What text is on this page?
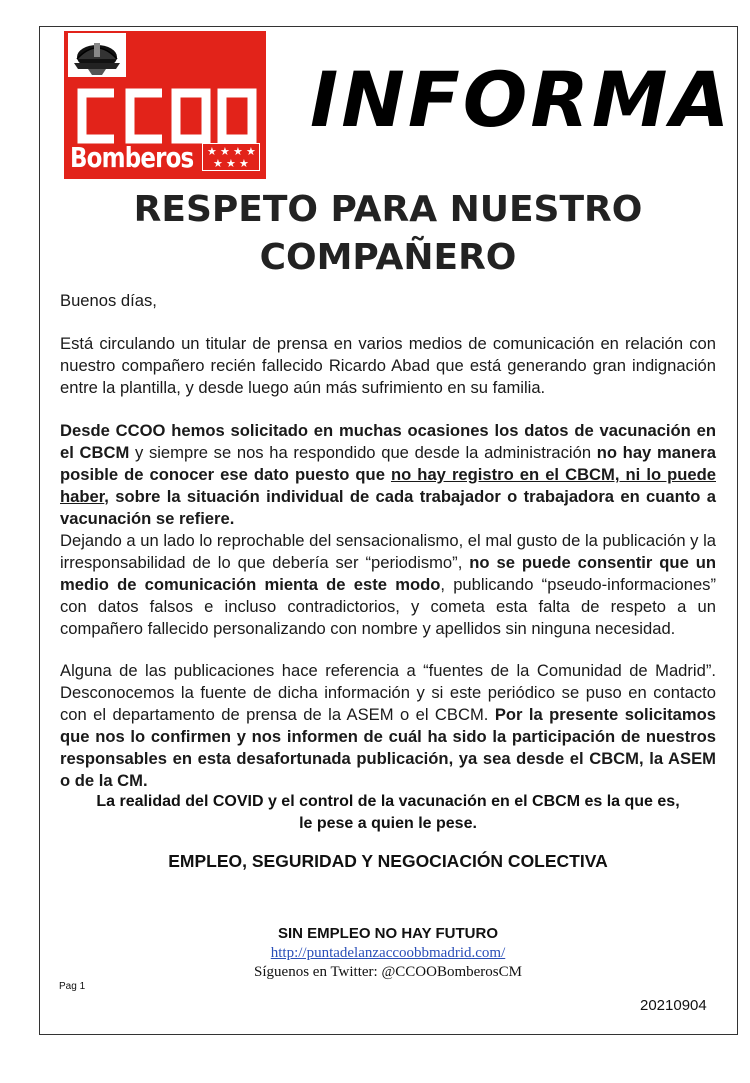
Bomberos ★ ★ ★ ★
★ ★ ★
INFORMA
RESPETO PARA NUESTRO
COMPAÑERO
Buenos días,

Está circulando un titular de prensa en varios medios de comunicación en relación con nuestro compañero recién fallecido Ricardo Abad que está generando gran indignación entre la plantilla, y desde luego aún más sufrimiento en su familia.

Desde CCOO hemos solicitado en muchas ocasiones los datos de vacunación en el CBCM y siempre se nos ha respondido que desde la administración no hay manera posible de conocer ese dato puesto que no hay registro en el CBCM, ni lo puede haber, sobre la situación individual de cada trabajador o trabajadora en cuanto a vacunación se refiere.

Dejando a un lado lo reprochable del sensacionalismo, el mal gusto de la publicación y la irresponsabilidad de lo que debería ser “periodismo”, no se puede consentir que un medio de comunicación mienta de este modo, publicando “pseudo-informaciones” con datos falsos e incluso contradictorios, y cometa esta falta de respeto a un compañero fallecido personalizando con nombre y apellidos sin ninguna necesidad.

Alguna de las publicaciones hace referencia a “fuentes de la Comunidad de Madrid”. Desconocemos la fuente de dicha información y si este periódico se puso en contacto con el departamento de prensa de la ASEM o el CBCM. Por la presente solicitamos que nos lo confirmen y nos informen de cuál ha sido la participación de nuestros responsables en esta desafortunada publicación, ya sea desde el CBCM, la ASEM o de la CM.

La realidad del COVID y el control de la vacunación en el CBCM es la que es,
le pese a quien le pese.
EMPLEO, SEGURIDAD Y NEGOCIACIÓN COLECTIVA
SIN EMPLEO NO HAY FUTURO
http://puntadelanzaccoobbmadrid.com/
Síguenos en Twitter: @CCOOBomberosCM
Pag 1
20210904
